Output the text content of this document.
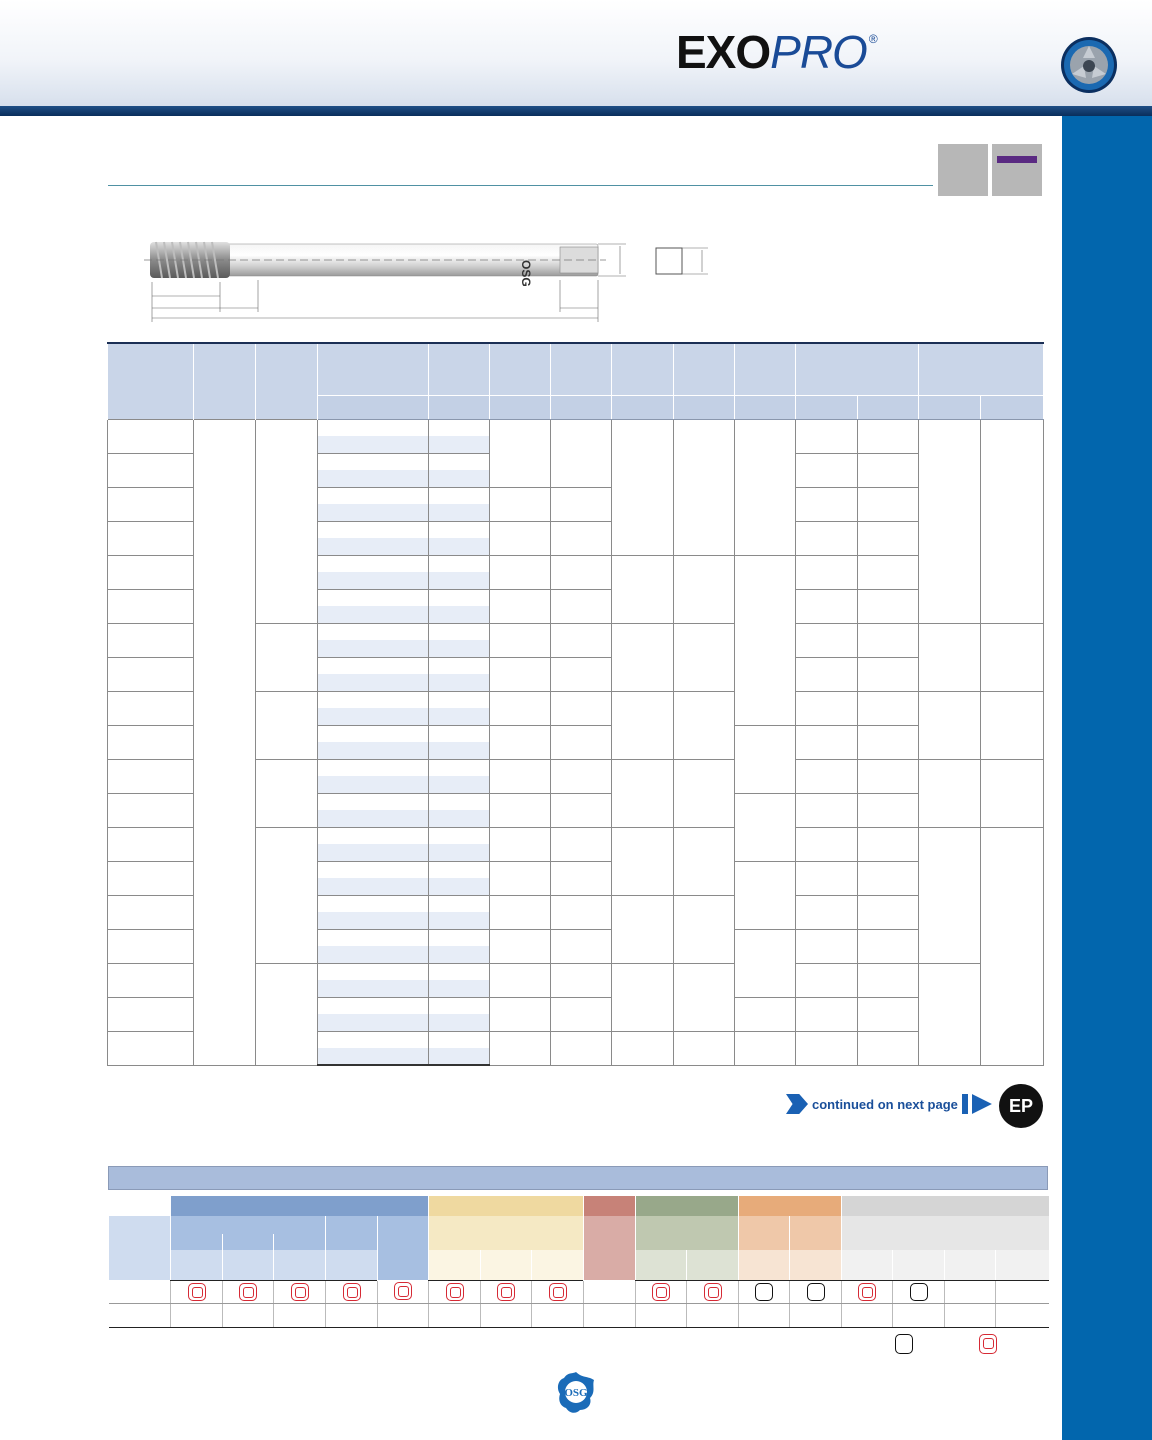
EXO PRO ®
OSG

continued on next page	EP

OSG
